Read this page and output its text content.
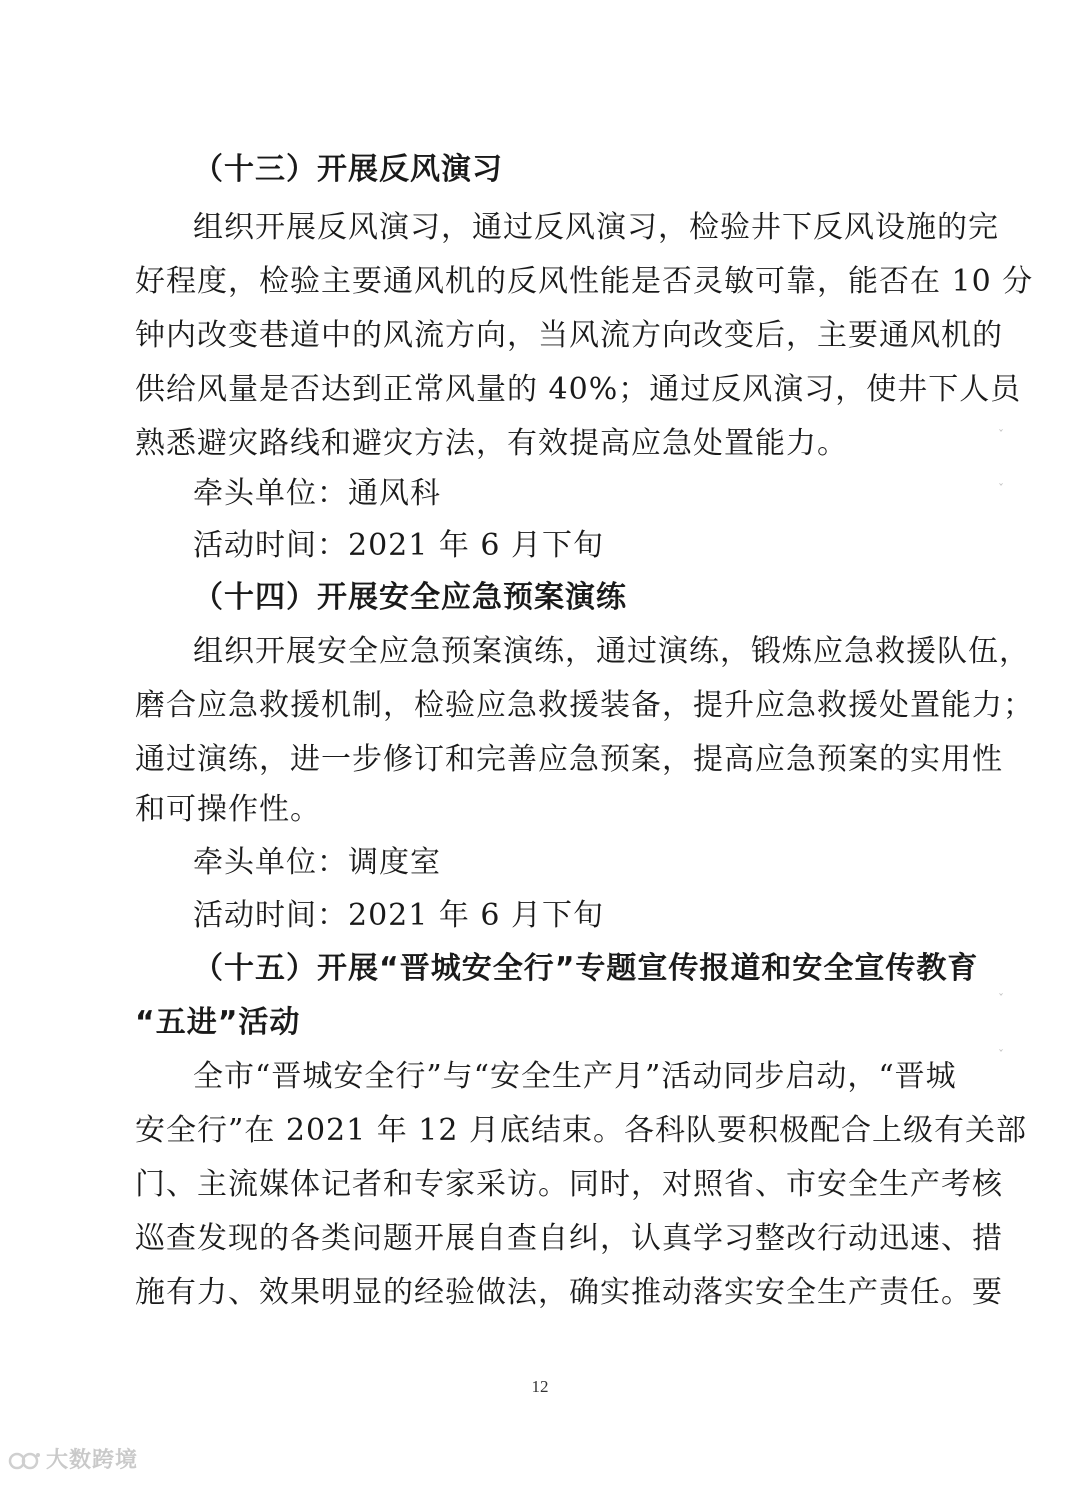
（十三）开展反风演习
组织开展反风演习，通过反风演习，检验井下反风设施的完
好程度，检验主要通风机的反风性能是否灵敏可靠，能否在 10 分
钟内改变巷道中的风流方向，当风流方向改变后，主要通风机的
供给风量是否达到正常风量的 40%；通过反风演习，使井下人员
熟悉避灾路线和避灾方法，有效提高应急处置能力。
牵头单位：通风科
活动时间：2021 年 6 月下旬
（十四）开展安全应急预案演练
组织开展安全应急预案演练，通过演练，锻炼应急救援队伍，
磨合应急救援机制，检验应急救援装备，提升应急救援处置能力；
通过演练，进一步修订和完善应急预案，提高应急预案的实用性
和可操作性。
牵头单位：调度室
活动时间：2021 年 6 月下旬
（十五）开展“晋城安全行”专题宣传报道和安全宣传教育
“五进”活动
全市“晋城安全行”与“安全生产月”活动同步启动，“晋城
安全行”在 2021 年 12 月底结束。各科队要积极配合上级有关部
门、主流媒体记者和专家采访。同时，对照省、市安全生产考核
巡查发现的各类问题开展自查自纠，认真学习整改行动迅速、措
施有力、效果明显的经验做法，确实推动落实安全生产责任。要
12
ˇ
ˇ
ˇ
ˇ
大数跨境
